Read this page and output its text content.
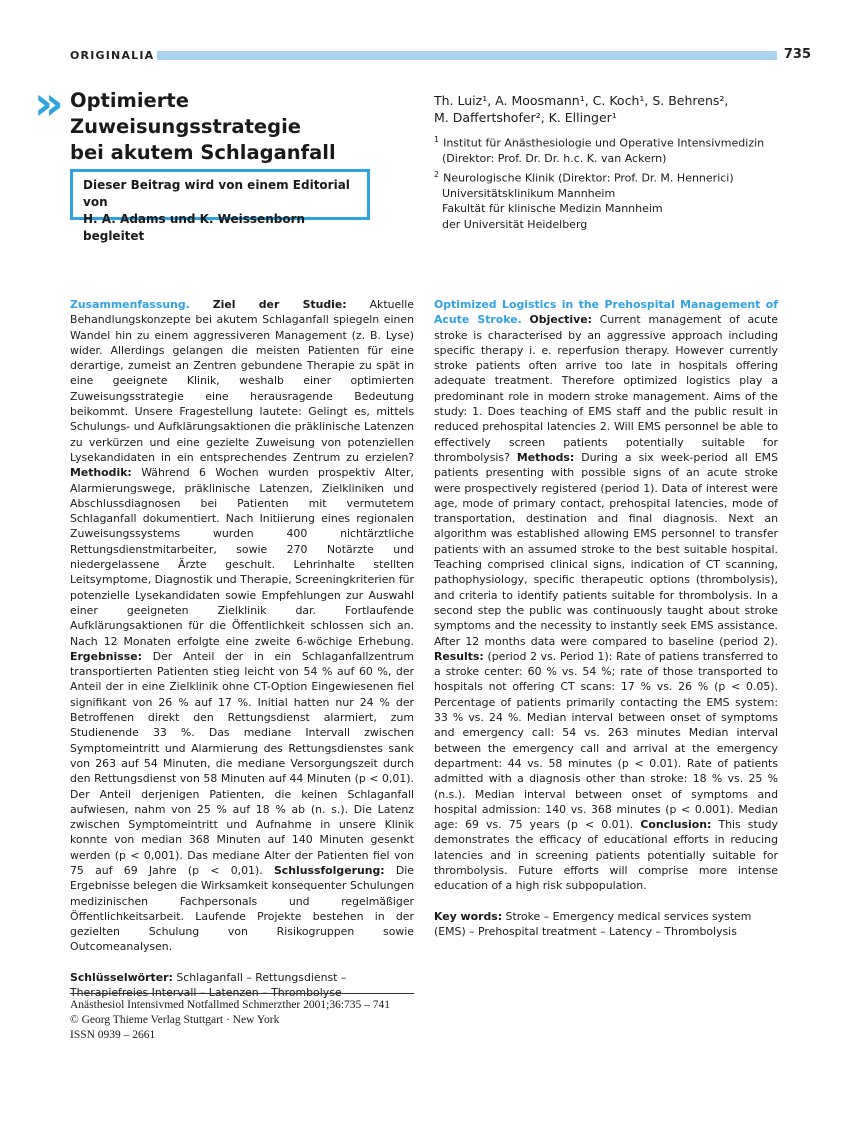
ORIGINALIA	735
» Optimierte Zuweisungsstrategie
bei akutem Schlaganfall
Dieser Beitrag wird von einem Editorial von
H. A. Adams und K. Weissenborn begleitet
Th. Luiz¹, A. Moosmann¹, C. Koch¹, S. Behrens²,
M. Daffertshofer², K. Ellinger¹
$^1$ Institut für Anästhesiologie und Operative Intensivmedizin
(Direktor: Prof. Dr. Dr. h.c. K. van Ackern)
$^2$ Neurologische Klinik (Direktor: Prof. Dr. M. Hennerici)
Universitätsklinikum Mannheim
Fakultät für klinische Medizin Mannheim
der Universität Heidelberg
Zusammenfassung. Ziel der Studie: Aktuelle Behandlungskonzepte bei akutem Schlaganfall spiegeln einen Wandel hin zu einem aggressiveren Management (z. B. Lyse) wider. Allerdings gelangen die meisten Patienten für eine derartige, zumeist an Zentren gebundene Therapie zu spät in eine geeignete Klinik, weshalb einer optimierten Zuweisungsstrategie eine herausragende Bedeutung beikommt. Unsere Fragestellung lautete: Gelingt es, mittels Schulungs- und Aufklärungsaktionen die präklinische Latenzen zu verkürzen und eine gezielte Zuweisung von potenziellen Lysekandidaten in ein entsprechendes Zentrum zu erzielen? Methodik: Während 6 Wochen wurden prospektiv Alter, Alarmierungswege, präklinische Latenzen, Zielkliniken und Abschlussdiagnosen bei Patienten mit vermutetem Schlaganfall dokumentiert. Nach Initiierung eines regionalen Zuweisungssystems wurden 400 nichtärztliche Rettungsdienstmitarbeiter, sowie 270 Notärzte und niedergelassene Ärzte geschult. Lehrinhalte stellten Leitsymptome, Diagnostik und Therapie, Screeningkriterien für potenzielle Lysekandidaten sowie Empfehlungen zur Auswahl einer geeigneten Zielklinik dar. Fortlaufende Aufklärungsaktionen für die Öffentlichkeit schlossen sich an. Nach 12 Monaten erfolgte eine zweite 6-wöchige Erhebung. Ergebnisse: Der Anteil der in ein Schlaganfallzentrum transportierten Patienten stieg leicht von 54 % auf 60 %, der Anteil der in eine Zielklinik ohne CT-Option Eingewiesenen fiel signifikant von 26 % auf 17 %. Initial hatten nur 24 % der Betroffenen direkt den Rettungsdienst alarmiert, zum Studienende 33 %. Das mediane Intervall zwischen Symptomeintritt und Alarmierung des Rettungsdienstes sank von 263 auf 54 Minuten, die mediane Versorgungszeit durch den Rettungsdienst von 58 Minuten auf 44 Minuten (p < 0,01). Der Anteil derjenigen Patienten, die keinen Schlaganfall aufwiesen, nahm von 25 % auf 18 % ab (n. s.). Die Latenz zwischen Symptomeintritt und Aufnahme in unsere Klinik konnte von median 368 Minuten auf 140 Minuten gesenkt werden (p < 0,001). Das mediane Alter der Patienten fiel von 75 auf 69 Jahre (p < 0,01). Schlussfolgerung: Die Ergebnisse belegen die Wirksamkeit konsequenter Schulungen medizinischen Fachpersonals und regelmäßiger Öffentlichkeitsarbeit. Laufende Projekte bestehen in der gezielten Schulung von Risikogruppen sowie Outcomeanalysen.
Schlüsselwörter: Schlaganfall – Rettungsdienst – Therapiefreies Intervall – Latenzen – Thrombolyse
Optimized Logistics in the Prehospital Management of Acute Stroke. Objective: Current management of acute stroke is characterised by an aggressive approach including specific therapy i. e. reperfusion therapy. However currently stroke patients often arrive too late in hospitals offering adequate treatment. Therefore optimized logistics play a predominant role in modern stroke management. Aims of the study: 1. Does teaching of EMS staff and the public result in reduced prehospital latencies 2. Will EMS personnel be able to effectively screen patients potentially suitable for thrombolysis? Methods: During a six week-period all EMS patients presenting with possible signs of an acute stroke were prospectively registered (period 1). Data of interest were age, mode of primary contact, prehospital latencies, mode of transportation, destination and final diagnosis. Next an algorithm was established allowing EMS personnel to transfer patients with an assumed stroke to the best suitable hospital. Teaching comprised clinical signs, indication of CT scanning, pathophysiology, specific therapeutic options (thrombolysis), and criteria to identify patients suitable for thrombolysis. In a second step the public was continuously taught about stroke symptoms and the necessity to instantly seek EMS assistance. After 12 months data were compared to baseline (period 2). Results: (period 2 vs. Period 1): Rate of patiens transferred to a stroke center: 60 % vs. 54 %; rate of those transported to hospitals not offering CT scans: 17 % vs. 26 % (p < 0.05). Percentage of patients primarily contacting the EMS system: 33 % vs. 24 %. Median interval between onset of symptoms and emergency call: 54 vs. 263 minutes Median interval between the emergency call and arrival at the emergency department: 44 vs. 58 minutes (p < 0.01). Rate of patients admitted with a diagnosis other than stroke: 18 % vs. 25 % (n.s.). Median interval between onset of symptoms and hospital admission: 140 vs. 368 minutes (p < 0.001). Median age: 69 vs. 75 years (p < 0.01). Conclusion: This study demonstrates the efficacy of educational efforts in reducing latencies and in screening patients potentially suitable for thrombolysis. Future efforts will comprise more intense education of a high risk subpopulation.
Key words: Stroke – Emergency medical services system (EMS) – Prehospital treatment – Latency – Thrombolysis
Anästhesiol Intensivmed Notfallmed Schmerzther 2001;36:735 – 741
© Georg Thieme Verlag Stuttgart · New York
ISSN 0939 – 2661
